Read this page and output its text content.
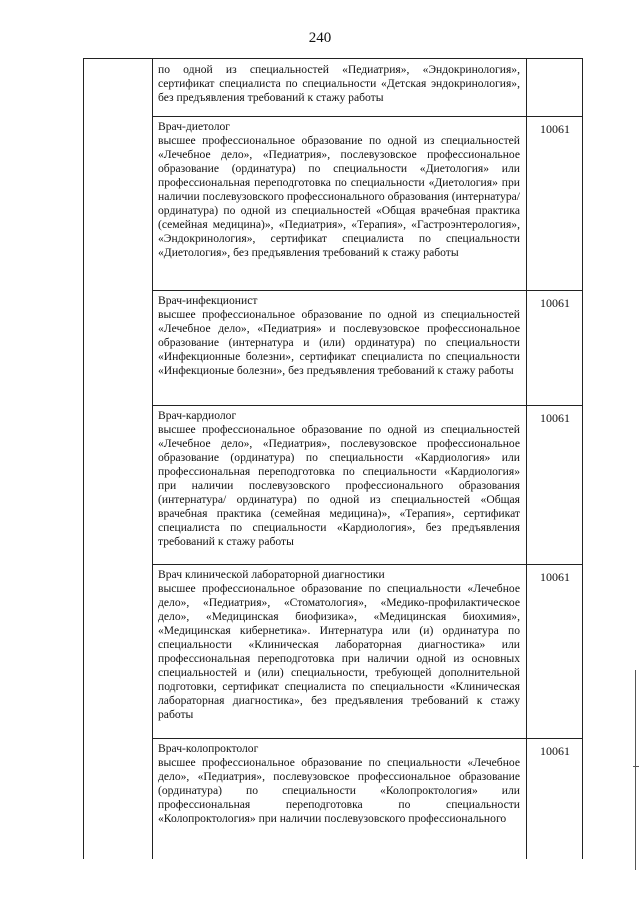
240
по одной из специальностей «Педиатрия», «Эндокринология», сертификат специалиста по специальности «Детская эндокринология», без предъявления требований к стажу работы
Врач-диетолог
высшее профессиональное образование по одной из специальностей «Лечебное дело», «Педиатрия», послевузовское профессиональное образование (ординатура) по специальности «Диетология» или профессиональная переподготовка по специальности «Диетология» при наличии послевузовского профессионального образования (интернатура/ ординатура) по одной из специальностей «Общая врачебная практика (семейная медицина)», «Педиатрия», «Терапия», «Гастроэнтерология», «Эндокринология», сертификат специалиста по специальности «Диетология», без предъявления требований к стажу работы
10061
Врач-инфекционист
высшее профессиональное образование по одной из специальностей «Лечебное дело», «Педиатрия» и послевузовское профессиональное образование (интернатура и (или) ординатура) по специальности «Инфекционные болезни», сертификат специалиста по специальности «Инфекционые болезни», без предъявления требований к стажу работы
10061
Врач-кардиолог
высшее профессиональное образование по одной из специальностей «Лечебное дело», «Педиатрия», послевузовское профессиональное образование (ординатура) по специальности «Кардиология» или профессиональная переподготовка по специальности «Кардиология» при наличии послевузовского профессионального образования (интернатура/ ординатура) по одной из специальностей «Общая врачебная практика (семейная медицина)», «Терапия», сертификат специалиста по специальности «Кардиология», без предъявления требований к стажу работы
10061
Врач клинической лабораторной диагностики
высшее профессиональное образование по специальности «Лечебное дело», «Педиатрия», «Стоматология», «Медико-профилактическое дело», «Медицинская биофизика», «Медицинская биохимия», «Медицинская кибернетика». Интернатура или (и) ординатура по специальности «Клиническая лабораторная диагностика» или профессиональная переподготовка при наличии одной из основных специальностей и (или) специальности, требующей дополнительной подготовки, сертификат специалиста по специальности «Клиническая лабораторная диагностика», без предъявления требований к стажу работы
10061
Врач-колопроктолог
высшее профессиональное образование по специальности «Лечебное дело», «Педиатрия», послевузовское профессиональное образование (ординатура) по специальности «Колопроктология» или профессиональная переподготовка по специальности «Колопроктология» при наличии послевузовского профессионального
10061
